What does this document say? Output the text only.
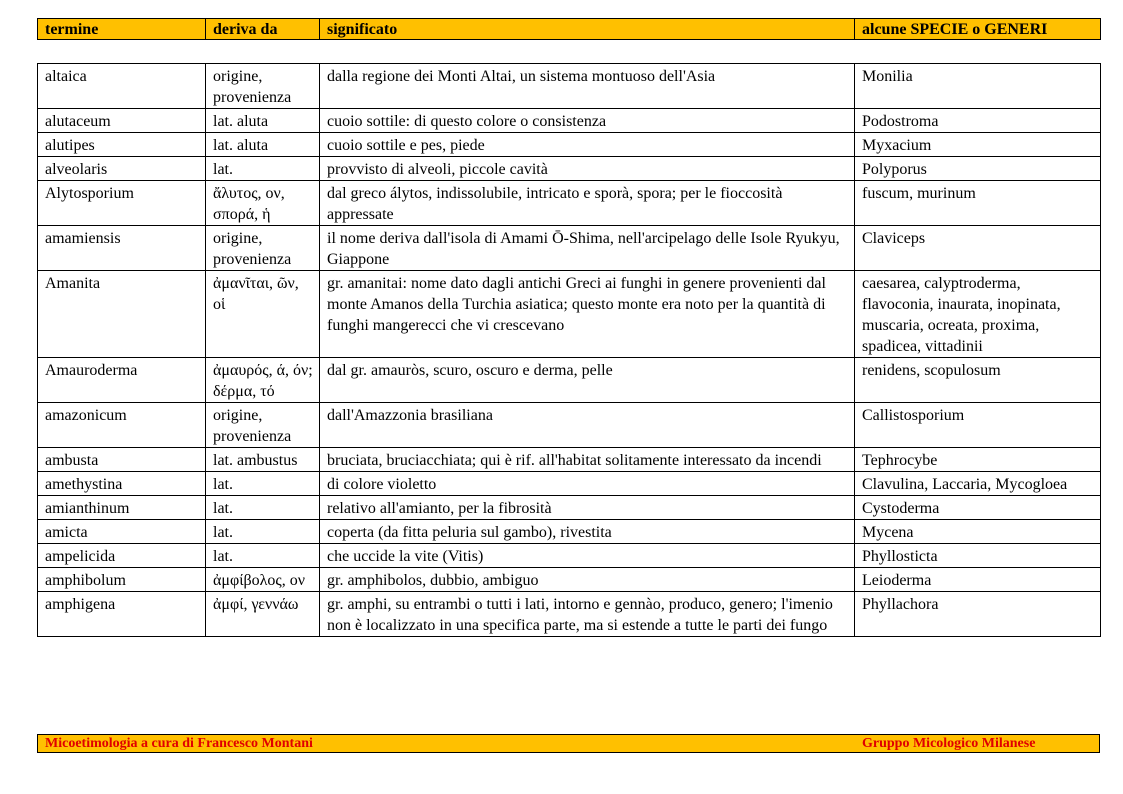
termine	deriva da	significato	alcune SPECIE o GENERI
altaica	origine, provenienza	dalla regione dei Monti Altai, un sistema montuoso dell'Asia	Monilia
alutaceum	lat. aluta	cuoio sottile: di questo colore o consistenza	Podostroma
alutipes	lat. aluta	cuoio sottile e pes, piede	Myxacium
alveolaris	lat.	provvisto di alveoli, piccole cavità	Polyporus
Alytosporium	ἄλυτος, ον, σπορά, ἡ	dal greco álytos, indissolubile, intricato e sporà, spora; per le fioccosità appressate	fuscum, murinum
amamiensis	origine, provenienza	il nome deriva dall'isola di Amami Ō-Shima, nell'arcipelago delle Isole Ryukyu, Giappone	Claviceps
Amanita	ἀμανῖται, ῶν, οἱ	gr. amanitai: nome dato dagli antichi Greci ai funghi in genere provenienti dal monte Amanos della Turchia asiatica; questo monte era noto per la quantità di funghi mangerecci che vi crescevano	caesarea, calyptroderma, flavoconia, inaurata, inopinata, muscaria, ocreata, proxima, spadicea, vittadinii
Amauroderma	ἀμαυρός, ά, όν; δέρμα, τό	dal gr. amauròs, scuro, oscuro e derma, pelle	renidens, scopulosum
amazonicum	origine, provenienza	dall'Amazzonia brasiliana	Callistosporium
ambusta	lat. ambustus	bruciata, bruciacchiata; qui è rif. all'habitat solitamente interessato da incendi	Tephrocybe
amethystina	lat.	di colore violetto	Clavulina, Laccaria, Mycogloea
amianthinum	lat.	relativo all'amianto, per la fibrosità	Cystoderma
amicta	lat.	coperta (da fitta peluria sul gambo), rivestita	Mycena
ampelicida	lat.	che uccide la vite (Vitis)	Phyllosticta
amphibolum	ἀμφίβολος, ον	gr. amphibolos, dubbio, ambiguo	Leioderma
amphigena	ἀμφί, γεννάω	gr. amphi, su entrambi o tutti i lati, intorno e gennào, produco, genero; l'imenio non è localizzato in una specifica parte, ma si estende a tutte le parti dei fungo	Phyllachora
Micoetimologia a cura di Francesco Montani	Gruppo Micologico Milanese
